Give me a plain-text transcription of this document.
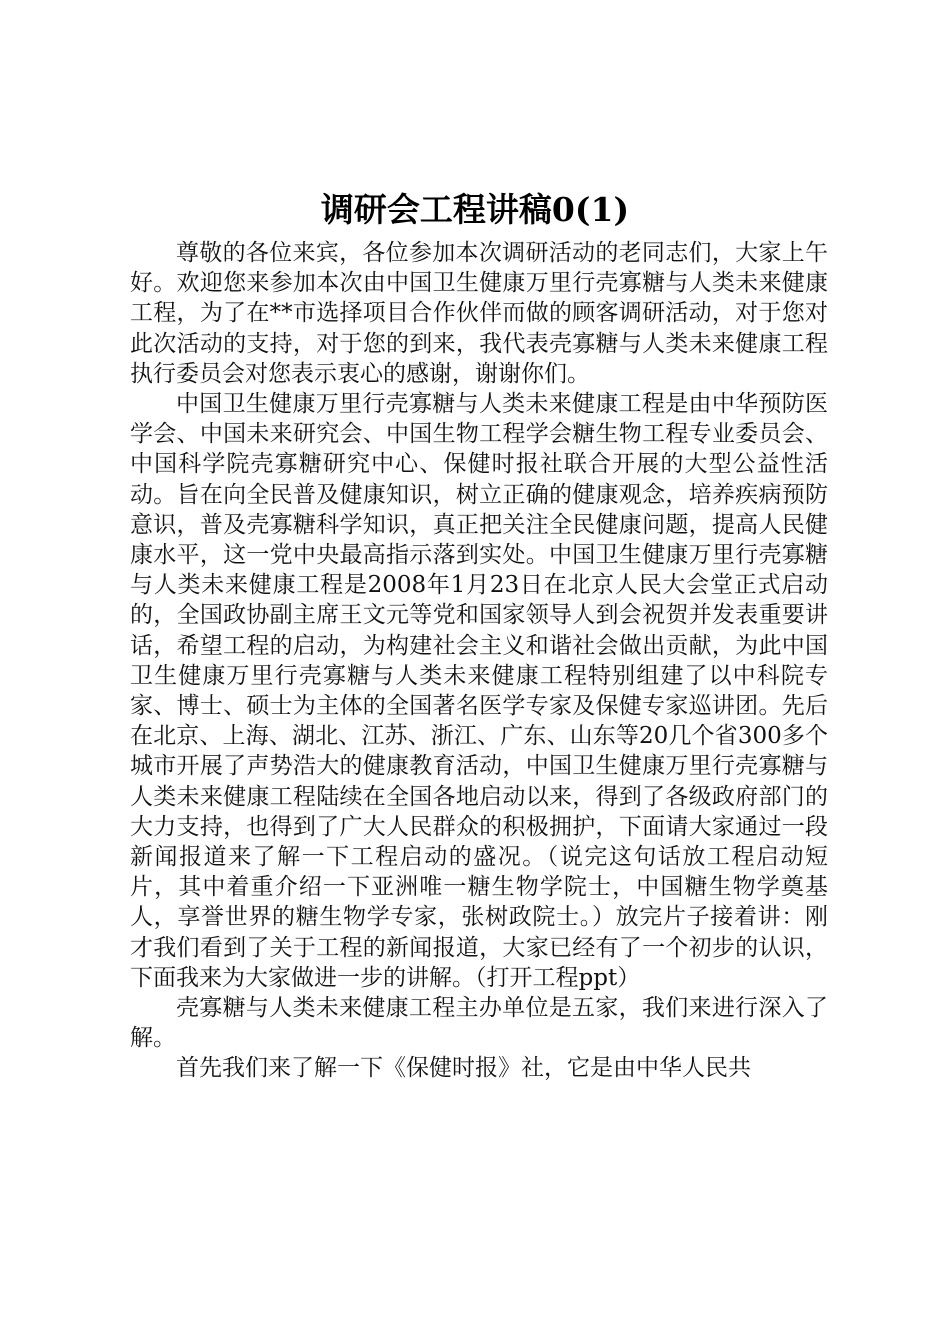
调研会工程讲稿0(1)

尊敬的各位来宾，各位参加本次调研活动的老同志们，大家上午好。欢迎您来参加本次由中国卫生健康万里行壳寡糖与人类未来健康工程，为了在**市选择项目合作伙伴而做的顾客调研活动，对于您对此次活动的支持，对于您的到来，我代表壳寡糖与人类未来健康工程执行委员会对您表示衷心的感谢，谢谢你们。

中国卫生健康万里行壳寡糖与人类未来健康工程是由中华预防医学会、中国未来研究会、中国生物工程学会糖生物工程专业委员会、中国科学院壳寡糖研究中心、保健时报社联合开展的大型公益性活动。旨在向全民普及健康知识，树立正确的健康观念，培养疾病预防意识，普及壳寡糖科学知识，真正把关注全民健康问题，提高人民健康水平，这一党中央最高指示落到实处。中国卫生健康万里行壳寡糖与人类未来健康工程是2008年1月23日在北京人民大会堂正式启动的，全国政协副主席王文元等党和国家领导人到会祝贺并发表重要讲话，希望工程的启动，为构建社会主义和谐社会做出贡献，为此中国卫生健康万里行壳寡糖与人类未来健康工程特别组建了以中科院专家、博士、硕士为主体的全国著名医学专家及保健专家巡讲团。先后在北京、上海、湖北、江苏、浙江、广东、山东等20几个省300多个城市开展了声势浩大的健康教育活动，中国卫生健康万里行壳寡糖与人类未来健康工程陆续在全国各地启动以来，得到了各级政府部门的大力支持，也得到了广大人民群众的积极拥护，下面请大家通过一段新闻报道来了解一下工程启动的盛况。（说完这句话放工程启动短片，其中着重介绍一下亚洲唯一糖生物学院士，中国糖生物学奠基人，享誉世界的糖生物学专家，张树政院士。）放完片子接着讲：刚才我们看到了关于工程的新闻报道，大家已经有了一个初步的认识，下面我来为大家做进一步的讲解。（打开工程ppt）

壳寡糖与人类未来健康工程主办单位是五家，我们来进行深入了解。

首先我们来了解一下《保健时报》社，它是由中华人民共
